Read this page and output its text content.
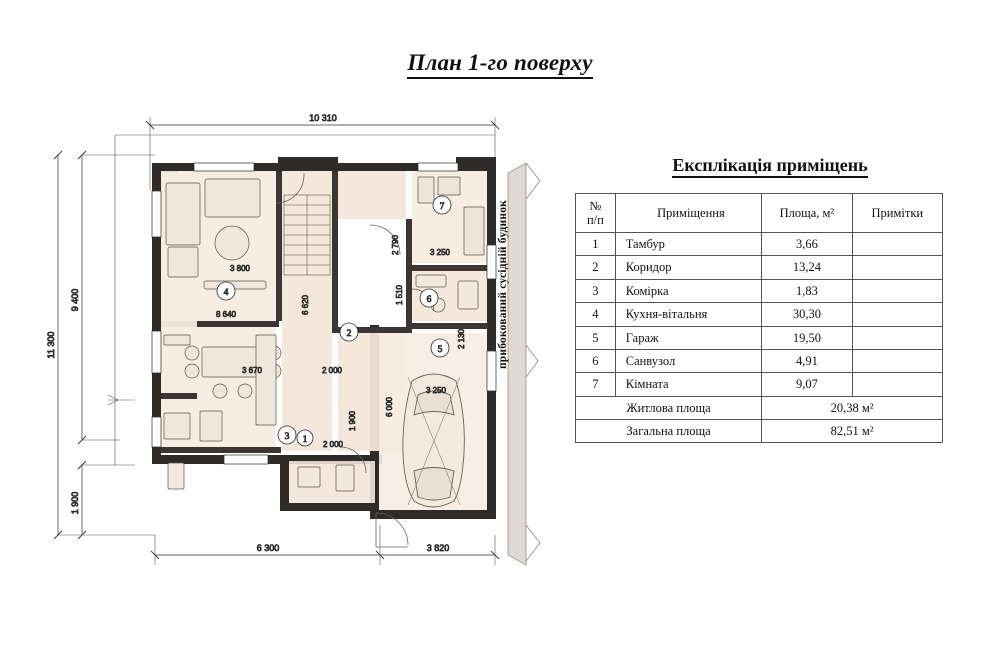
План 1-го поверху
10 310
11 300
9 400
1 900
6 300	3 820
3 800
8 640	6 620
2 790	3 250
1 510
2 130
3 670	2 000
2 000
1 900
6 000
3 250
4
2
7
6
5
3 1
прибокований сусідній будинок
Експлікація приміщень
№
п/п	Приміщення	Площа, м²	Примітки
1	Тамбур	3,66	
2	Коридор	13,24	
3	Комірка	1,83	
4	Кухня-вітальня	30,30	
5	Гараж	19,50	
6	Санвузол	4,91	
7	Кімната	9,07	
Житлова площа		20,38 м²	
Загальна площа		82,51 м²	
